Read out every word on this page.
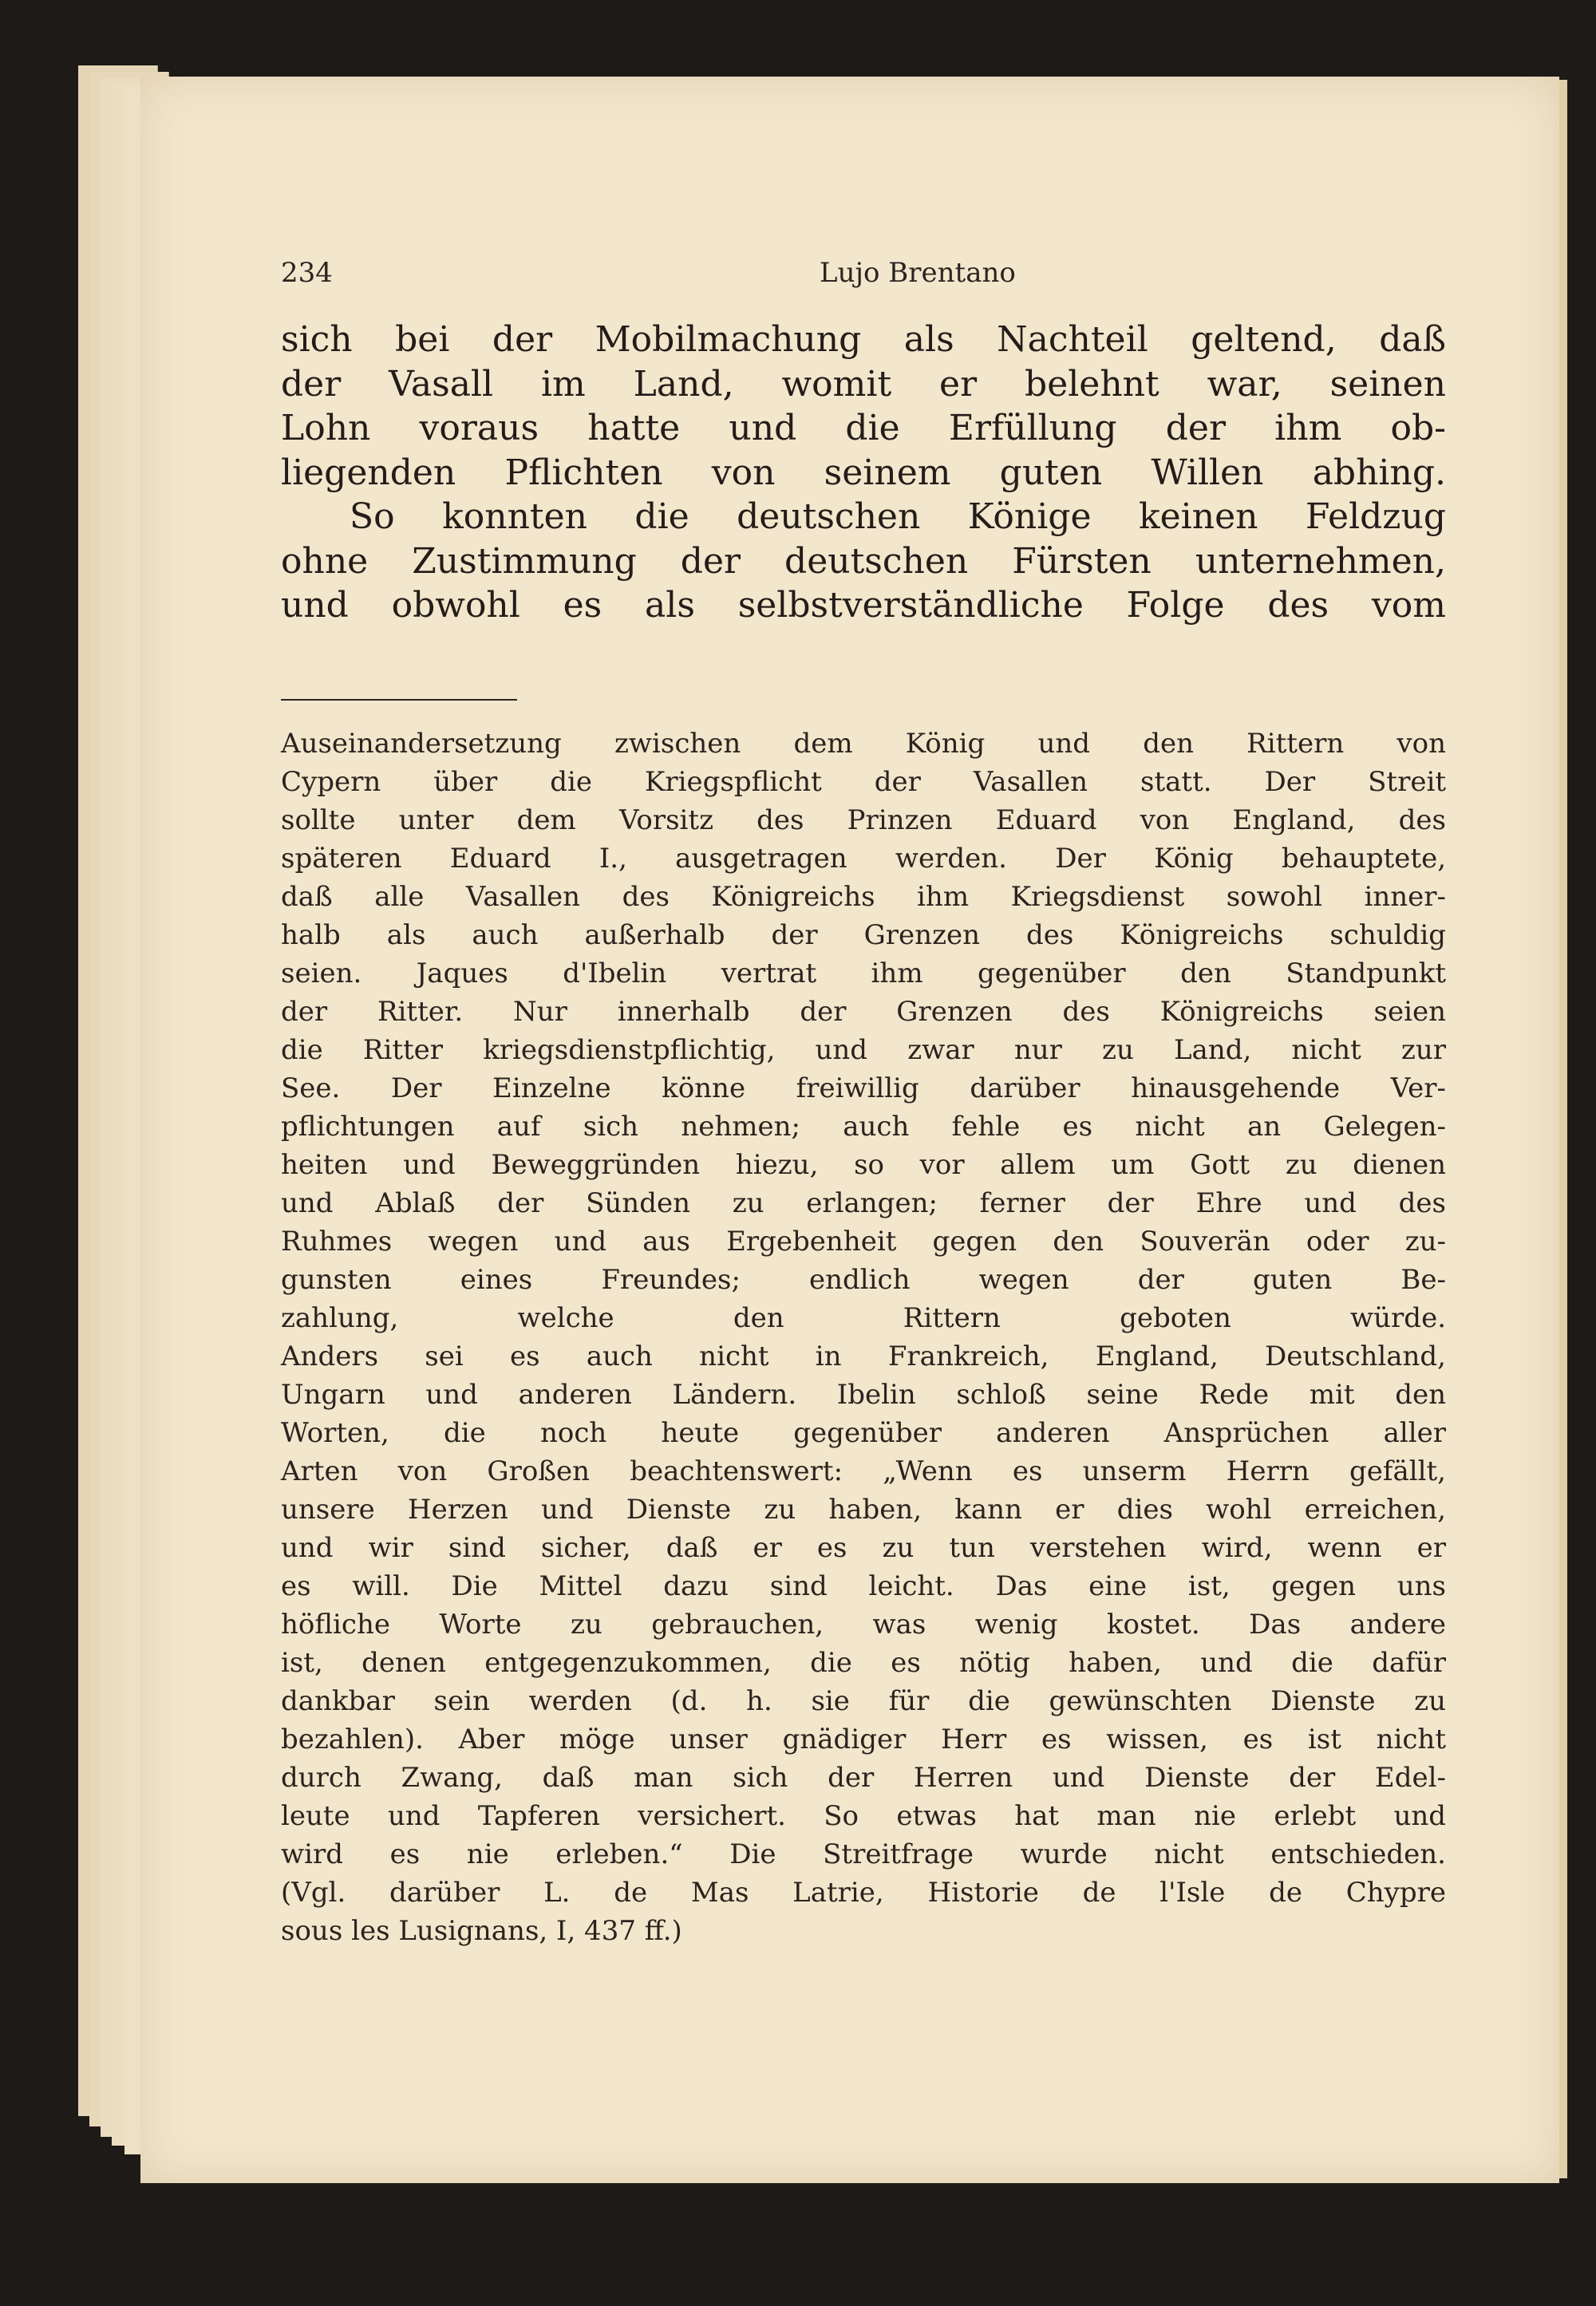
234	Lujo Brentano
sich bei der Mobilmachung als Nachteil geltend, daß
der Vasall im Land, womit er belehnt war, seinen
Lohn voraus hatte und die Erfüllung der ihm ob-
liegenden Pflichten von seinem guten Willen abhing.
So konnten die deutschen Könige keinen Feldzug
ohne Zustimmung der deutschen Fürsten unternehmen,
und obwohl es als selbstverständliche Folge des vom
Auseinandersetzung zwischen dem König und den Rittern von
Cypern über die Kriegspflicht der Vasallen statt. Der Streit
sollte unter dem Vorsitz des Prinzen Eduard von England, des
späteren Eduard I., ausgetragen werden. Der König behauptete,
daß alle Vasallen des Königreichs ihm Kriegsdienst sowohl inner-
halb als auch außerhalb der Grenzen des Königreichs schuldig
seien. Jaques d'Ibelin vertrat ihm gegenüber den Standpunkt
der Ritter. Nur innerhalb der Grenzen des Königreichs seien
die Ritter kriegsdienstpflichtig, und zwar nur zu Land, nicht zur
See. Der Einzelne könne freiwillig darüber hinausgehende Ver-
pflichtungen auf sich nehmen; auch fehle es nicht an Gelegen-
heiten und Beweggründen hiezu, so vor allem um Gott zu dienen
und Ablaß der Sünden zu erlangen; ferner der Ehre und des
Ruhmes wegen und aus Ergebenheit gegen den Souverän oder zu-
gunsten eines Freundes; endlich wegen der guten Be-
zahlung, welche den Rittern geboten würde.
Anders sei es auch nicht in Frankreich, England, Deutschland,
Ungarn und anderen Ländern. Ibelin schloß seine Rede mit den
Worten, die noch heute gegenüber anderen Ansprüchen aller
Arten von Großen beachtenswert: „Wenn es unserm Herrn gefällt,
unsere Herzen und Dienste zu haben, kann er dies wohl erreichen,
und wir sind sicher, daß er es zu tun verstehen wird, wenn er
es will. Die Mittel dazu sind leicht. Das eine ist, gegen uns
höfliche Worte zu gebrauchen, was wenig kostet. Das andere
ist, denen entgegenzukommen, die es nötig haben, und die dafür
dankbar sein werden (d. h. sie für die gewünschten Dienste zu
bezahlen). Aber möge unser gnädiger Herr es wissen, es ist nicht
durch Zwang, daß man sich der Herren und Dienste der Edel-
leute und Tapferen versichert. So etwas hat man nie erlebt und
wird es nie erleben.“ Die Streitfrage wurde nicht entschieden.
(Vgl. darüber L. de Mas Latrie, Historie de l'Isle de Chypre
sous les Lusignans, I, 437 ff.)
